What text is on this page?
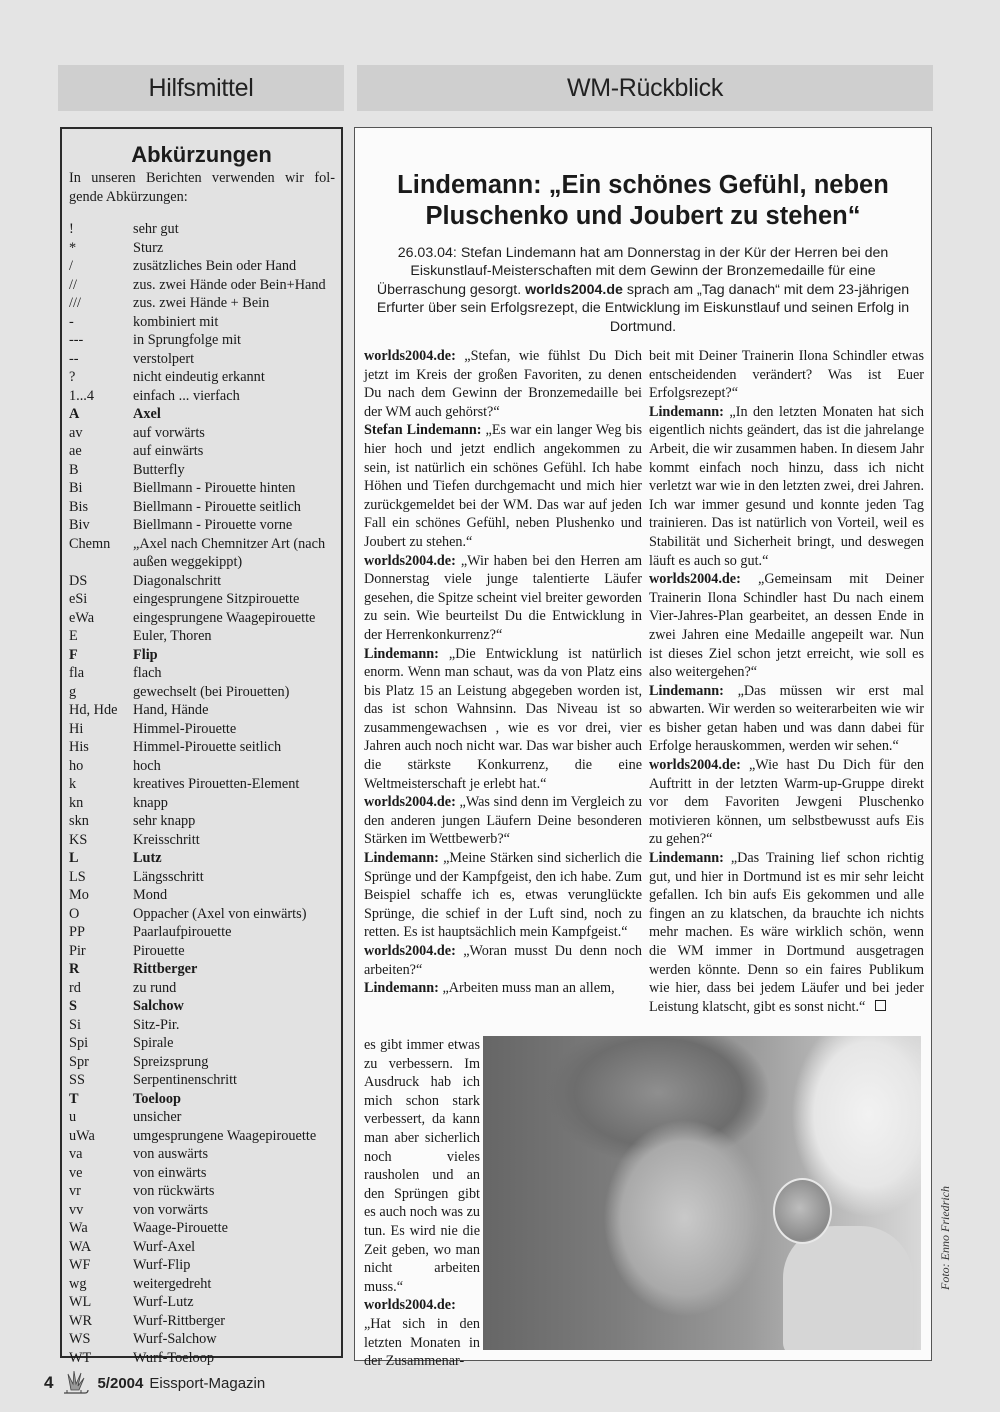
Hilfsmittel	WM-Rückblick
Abkürzungen

In unseren Berichten verwenden wir fol-gende Abkürzungen:

!	sehr gut
*	Sturz
/	zusätzliches Bein oder Hand
//	zus. zwei Hände oder Bein+Hand
///	zus. zwei Hände + Bein
-	kombiniert mit
---	in Sprungfolge mit
--	verstolpert
?	nicht eindeutig erkannt
1...4	einfach ... vierfach
A	Axel
av	auf vorwärts
ae	auf einwärts
B	Butterfly
Bi	Biellmann - Pirouette hinten
Bis	Biellmann - Pirouette seitlich
Biv	Biellmann - Pirouette vorne
Chemn	„Axel nach Chemnitzer Art (nach außen weggekippt)
DS	Diagonalschritt
eSi	eingesprungene Sitzpirouette
eWa	eingesprungene Waagepirouette
E	Euler, Thoren
F	Flip
fla	flach
g	gewechselt (bei Pirouetten)
Hd, Hde	Hand, Hände
Hi	Himmel-Pirouette
His	Himmel-Pirouette seitlich
ho	hoch
k	kreatives Pirouetten-Element
kn	knapp
skn	sehr knapp
KS	Kreisschritt
L	Lutz
LS	Längsschritt
Mo	Mond
O	Oppacher (Axel von einwärts)
PP	Paarlaufpirouette
Pir	Pirouette
R	Rittberger
rd	zu rund
S	Salchow
Si	Sitz-Pir.
Spi	Spirale
Spr	Spreizsprung
SS	Serpentinenschritt
T	Toeloop
u	unsicher
uWa	umgesprungene Waagepirouette
va	von auswärts
ve	von einwärts
vr	von rückwärts
vv	von vorwärts
Wa	Waage-Pirouette
WA	Wurf-Axel
WF	Wurf-Flip
wg	weitergedreht
WL	Wurf-Lutz
WR	Wurf-Rittberger
WS	Wurf-Salchow
WT	Wurf-Toeloop
Lindemann: „Ein schönes Gefühl, neben
Pluschenko und Joubert zu stehen“
26.03.04: Stefan Lindemann hat am Donnerstag in der Kür der Herren bei den Eiskunstlauf-Meisterschaften mit dem Gewinn der Bronzemedaille für eine Überraschung gesorgt. worlds2004.de sprach am „Tag danach“ mit dem 23-jährigen Erfurter über sein Erfolgsrezept, die Entwicklung im Eiskunstlauf und seinen Erfolg in Dortmund.

worlds2004.de: „Stefan, wie fühlst Du Dich jetzt im Kreis der großen Favoriten, zu denen Du nach dem Gewinn der Bronzemedaille bei der WM auch gehörst?“

Stefan Lindemann: „Es war ein langer Weg bis hier hoch und jetzt endlich angekommen zu sein, ist natürlich ein schönes Gefühl. Ich habe Höhen und Tiefen durchgemacht und mich hier zurückgemeldet bei der WM. Das war auf jeden Fall ein schönes Gefühl, neben Plushenko und Joubert zu stehen.“

worlds2004.de: „Wir haben bei den Herren am Donnerstag viele junge talentierte Läufer gesehen, die Spitze scheint viel breiter geworden zu sein. Wie beurteilst Du die Entwicklung in der Herrenkonkurrenz?“

Lindemann: „Die Entwicklung ist natürlich enorm. Wenn man schaut, was da von Platz eins bis Platz 15 an Leistung abgegeben worden ist, das ist schon Wahnsinn. Das Niveau ist so zusammengewachsen , wie es vor drei, vier Jahren auch noch nicht war. Das war bisher auch die stärkste Konkurrenz, die eine Weltmeisterschaft je erlebt hat.“

worlds2004.de: „Was sind denn im Vergleich zu den anderen jungen Läufern Deine besonderen Stärken im Wettbewerb?“

Lindemann: „Meine Stärken sind sicherlich die Sprünge und der Kampfgeist, den ich habe. Zum Beispiel schaffe ich es, etwas verunglückte Sprünge, die schief in der Luft sind, noch zu retten. Es ist hauptsächlich mein Kampfgeist.“

worlds2004.de: „Woran musst Du denn noch arbeiten?“

Lindemann: „Arbeiten muss man an allem,

es gibt immer etwas zu verbessern. Im Ausdruck hab ich mich schon stark verbessert, da kann man aber sicherlich noch vieles rausholen und an den Sprüngen gibt es auch noch was zu tun. Es wird nie die Zeit geben, wo man nicht arbeiten muss.“

worlds2004.de: „Hat sich in den letzten Monaten in der Zusammenar-

beit mit Deiner Trainerin Ilona Schindler etwas entscheidenden verändert? Was ist Euer Erfolgsrezept?“

Lindemann: „In den letzten Monaten hat sich eigentlich nichts geändert, das ist die jahrelange Arbeit, die wir zusammen haben. In diesem Jahr kommt einfach noch hinzu, dass ich nicht verletzt war wie in den letzten zwei, drei Jahren. Ich war immer gesund und konnte jeden Tag trainieren. Das ist natürlich von Vorteil, weil es Stabilität und Sicherheit bringt, und deswegen läuft es auch so gut.“

worlds2004.de: „Gemeinsam mit Deiner Trainerin Ilona Schindler hast Du nach einem Vier-Jahres-Plan gearbeitet, an dessen Ende in zwei Jahren eine Medaille angepeilt war. Nun ist dieses Ziel schon jetzt erreicht, wie soll es also weitergehen?“

Lindemann: „Das müssen wir erst mal abwarten. Wir werden so weiterarbeiten wie wir es bisher getan haben und was dann dabei für Erfolge herauskommen, werden wir sehen.“

worlds2004.de: „Wie hast Du Dich für den Auftritt in der letzten Warm-up-Gruppe direkt vor dem Favoriten Jewgeni Pluschenko motivieren können, um selbstbewusst aufs Eis zu gehen?“

Lindemann: „Das Training lief schon richtig gut, und hier in Dortmund ist es mir sehr leicht gefallen. Ich bin aufs Eis gekommen und alle fingen an zu klatschen, da brauchte ich nichts mehr machen. Es wäre wirklich schön, wenn die WM immer in Dortmund ausgetragen werden könnte. Denn so ein faires Publikum wie hier, dass bei jedem Läufer und bei jeder Leistung klatscht, gibt es sonst nicht.“

Foto: Enno Friedrich
4	5/2004 Eissport-Magazin
